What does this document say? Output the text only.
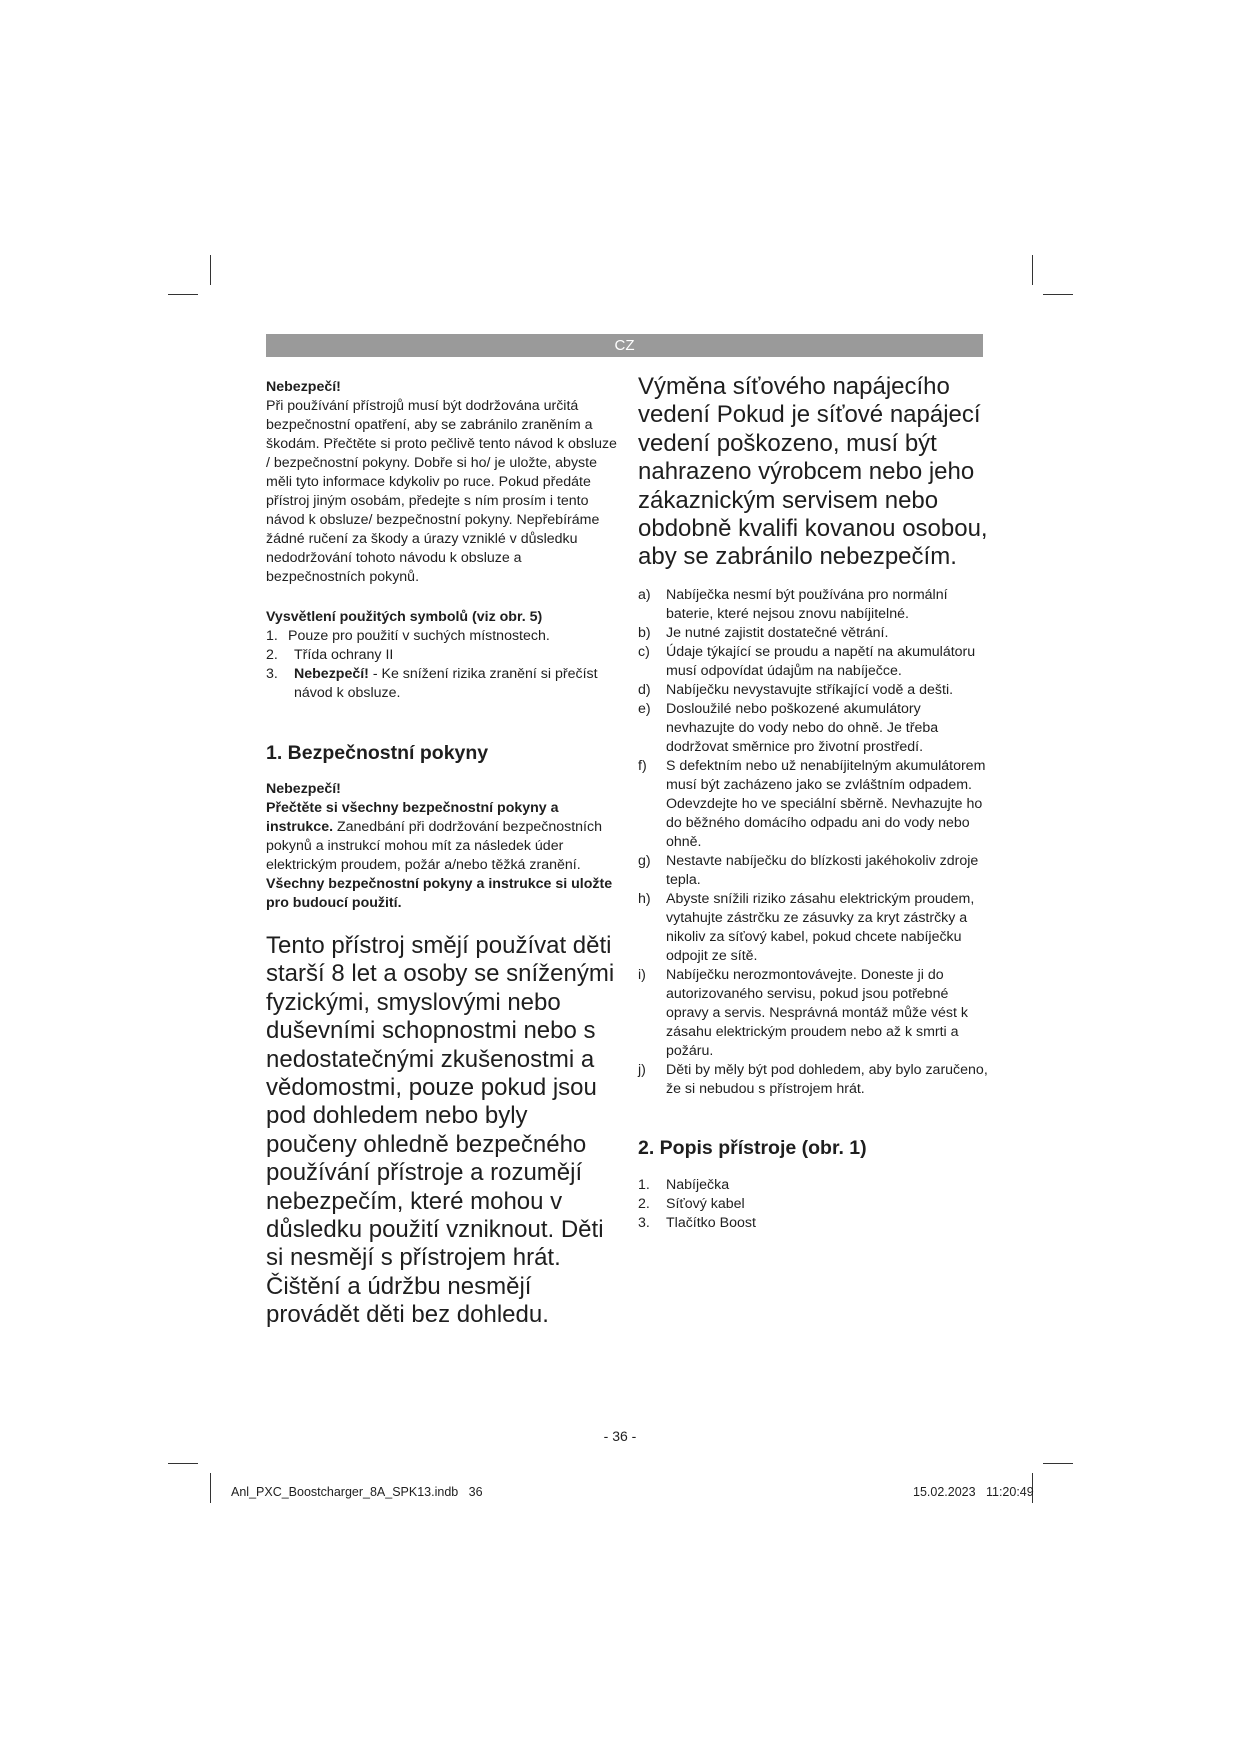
CZ

Nebezpečí!

Při používání přístrojů musí být dodržována určitá bezpečnostní opatření, aby se zabránilo zraněním a škodám. Přečtěte si proto pečlivě tento návod k obsluze / bezpečnostní pokyny. Dobře si ho/ je uložte, abyste měli tyto informace kdykoliv po ruce. Pokud předáte přístroj jiným osobám, předejte s ním prosím i tento návod k obsluze/ bezpečnostní pokyny. Nepřebíráme žádné ručení za škody a úrazy vzniklé v důsledku nedodržování tohoto návodu k obsluze a bezpečnostních pokynů.

Vysvětlení použitých symbolů (viz obr. 5)

1. Pouze pro použití v suchých místnostech.
2. Třída ochrany II
3. Nebezpečí! - Ke snížení rizika zranění si přečíst návod k obsluze.

1. Bezpečnostní pokyny

Nebezpečí!

Přečtěte si všechny bezpečnostní pokyny a instrukce. Zanedbání při dodržování bezpečnostních pokynů a instrukcí mohou mít za následek úder elektrickým proudem, požár a/nebo těžká zranění. Všechny bezpečnostní pokyny a instrukce si uložte pro budoucí použití.

Tento přístroj smějí používat děti starší 8 let a osoby se sníženými fyzickými, smyslovými nebo duševními schopnostmi nebo s nedostatečnými zkušenostmi a vědomostmi, pouze pokud jsou pod dohledem nebo byly poučeny ohledně bezpečného používání přístroje a rozumějí nebezpečím, které mohou v důsledku použití vzniknout. Děti si nesmějí s přístrojem hrát. Čištění a údržbu nesmějí provádět děti bez dohledu.

Výměna síťového napájecího vedení Pokud je síťové napájecí vedení poškozeno, musí být nahrazeno výrobcem nebo jeho zákaznickým servisem nebo obdobně kvalifi kovanou osobou, aby se zabránilo nebezpečím.

a) Nabíječka nesmí být používána pro normální baterie, které nejsou znovu nabíjitelné.
b) Je nutné zajistit dostatečné větrání.
c) Údaje týkající se proudu a napětí na akumulátoru musí odpovídat údajům na nabíječce.
d) Nabíječku nevystavujte stříkající vodě a dešti.
e) Dosloužilé nebo poškozené akumulátory nevhazujte do vody nebo do ohně. Je třeba dodržovat směrnice pro životní prostředí.
f) S defektním nebo už nenabíjitelným akumulátorem musí být zacházeno jako se zvláštním odpadem. Odevzdejte ho ve speciální sběrně. Nevhazujte ho do běžného domácího odpadu ani do vody nebo ohně.
g) Nestavte nabíječku do blízkosti jakéhokoliv zdroje tepla.
h) Abyste snížili riziko zásahu elektrickým proudem, vytahujte zástrčku ze zásuvky za kryt zástrčky a nikoliv za síťový kabel, pokud chcete nabíječku odpojit ze sítě.
i) Nabíječku nerozmontovávejte. Doneste ji do autorizovaného servisu, pokud jsou potřebné opravy a servis. Nesprávná montáž může vést k zásahu elektrickým proudem nebo až k smrti a požáru.
j) Děti by měly být pod dohledem, aby bylo zaručeno, že si nebudou s přístrojem hrát.

2. Popis přístroje (obr. 1)

1. Nabíječka
2. Síťový kabel
3. Tlačítko Boost
- 36 -
Anl_PXC_Boostcharger_8A_SPK13.indb   36	15.02.2023   11:20:49
